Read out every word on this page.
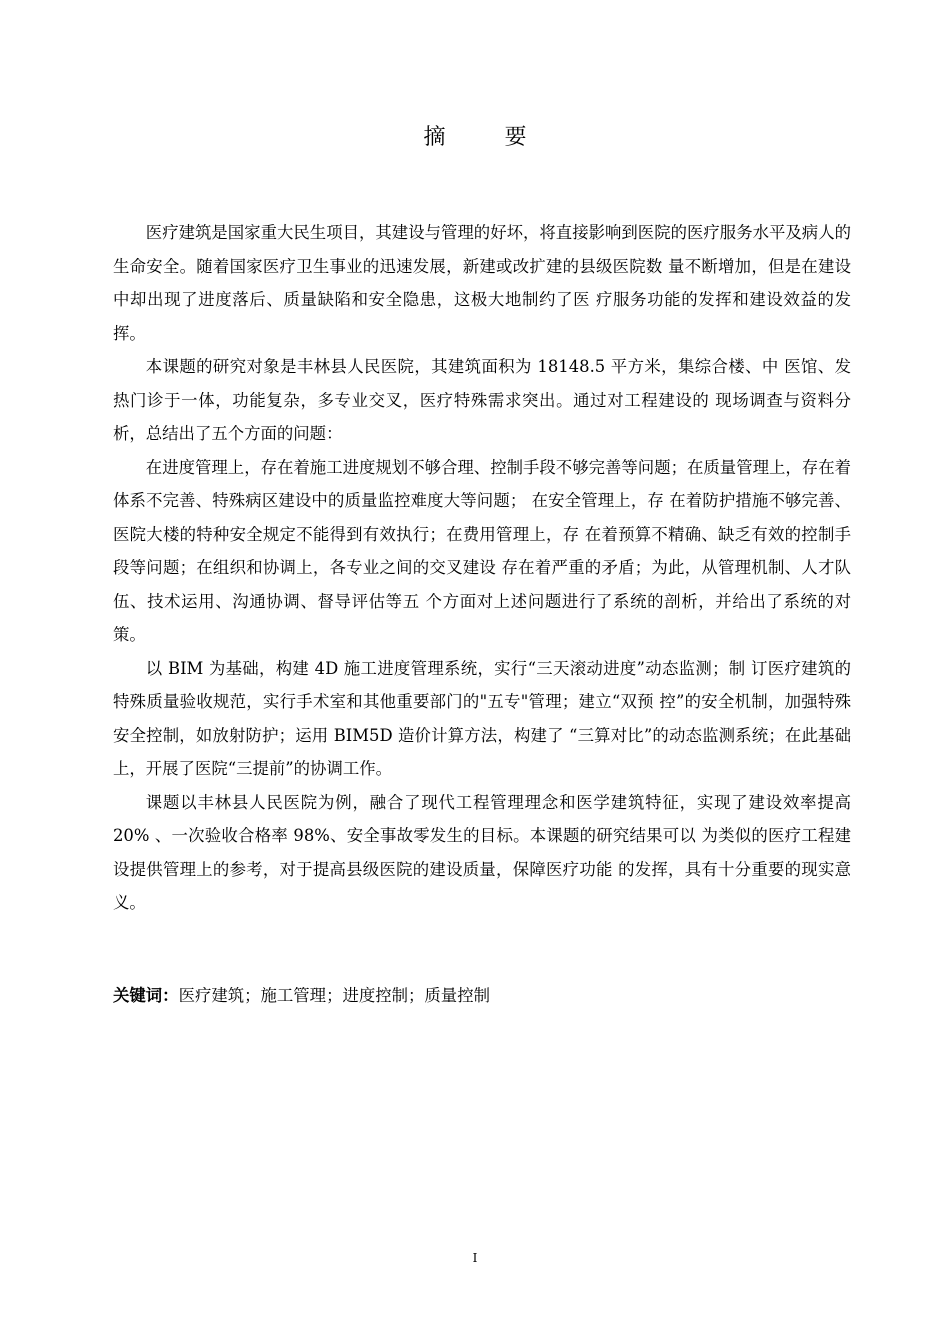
摘 要

医疗建筑是国家重大民生项目，其建设与管理的好坏，将直接影响到医院的医疗服务水平及病人的生命安全。随着国家医疗卫生事业的迅速发展，新建或改扩建的县级医院数 量不断增加，但是在建设中却出现了进度落后、质量缺陷和安全隐患，这极大地制约了医 疗服务功能的发挥和建设效益的发挥。

本课题的研究对象是丰林县人民医院，其建筑面积为 18148.5 平方米，集综合楼、中 医馆、发热门诊于一体，功能复杂，多专业交叉，医疗特殊需求突出。通过对工程建设的 现场调查与资料分析，总结出了五个方面的问题：

在进度管理上，存在着施工进度规划不够合理、控制手段不够完善等问题；在质量管理上，存在着体系不完善、特殊病区建设中的质量监控难度大等问题； 在安全管理上，存 在着防护措施不够完善、医院大楼的特种安全规定不能得到有效执行；在费用管理上，存 在着预算不精确、缺乏有效的控制手段等问题；在组织和协调上，各专业之间的交叉建设 存在着严重的矛盾；为此，从管理机制、人才队伍、技术运用、沟通协调、督导评估等五 个方面对上述问题进行了系统的剖析，并给出了系统的对策。

以 BIM 为基础，构建 4D 施工进度管理系统，实行“三天滚动进度”动态监测；制 订医疗建筑的特殊质量验收规范，实行手术室和其他重要部门的"五专"管理；建立“双预 控”的安全机制，加强特殊安全控制，如放射防护；运用 BIM5D 造价计算方法，构建了 “三算对比”的动态监测系统；在此基础上，开展了医院“三提前”的协调工作。

课题以丰林县人民医院为例，融合了现代工程管理理念和医学建筑特征，实现了建设效率提高 20% 、一次验收合格率 98%、安全事故零发生的目标。本课题的研究结果可以 为类似的医疗工程建设提供管理上的参考，对于提高县级医院的建设质量，保障医疗功能 的发挥，具有十分重要的现实意义。

关键词：医疗建筑；施工管理；进度控制；质量控制
I
